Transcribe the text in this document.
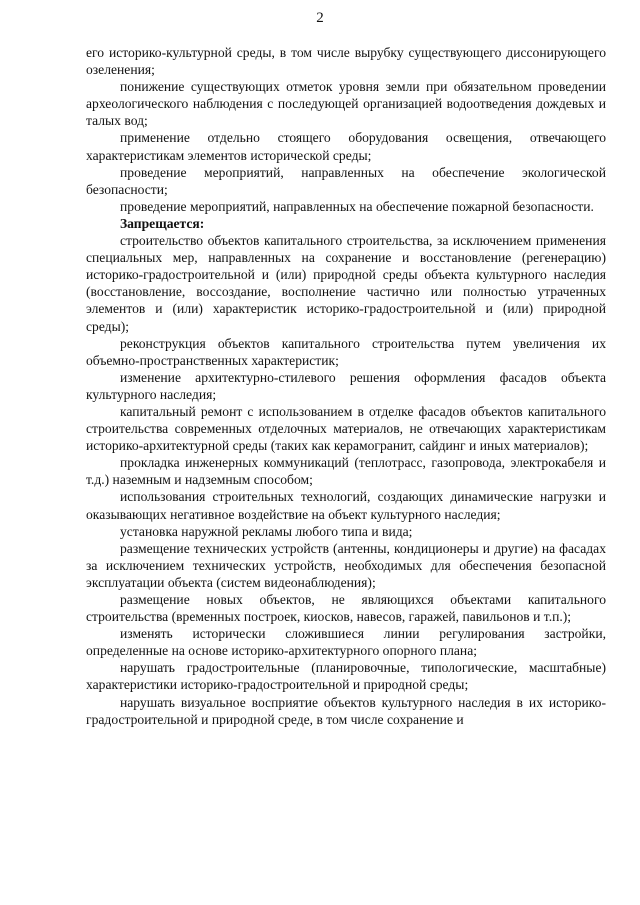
2

его историко-культурной среды, в том числе вырубку существующего диссонирующего озеленения;

понижение существующих отметок уровня земли при обязательном проведении археологического наблюдения с последующей организацией водоотведения дождевых и талых вод;

применение отдельно стоящего оборудования освещения, отвечающего характеристикам элементов исторической среды;

проведение мероприятий, направленных на обеспечение экологической безопасности;

проведение мероприятий, направленных на обеспечение пожарной безопасности.

Запрещается:

строительство объектов капитального строительства, за исключением применения специальных мер, направленных на сохранение и восстановление (регенерацию) историко-градостроительной и (или) природной среды объекта культурного наследия (восстановление, воссоздание, восполнение частично или полностью утраченных элементов и (или) характеристик историко-градостроительной и (или) природной среды);

реконструкция объектов капитального строительства путем увеличения их объемно-пространственных характеристик;

изменение архитектурно-стилевого решения оформления фасадов объекта культурного наследия;

капитальный ремонт с использованием в отделке фасадов объектов капитального строительства современных отделочных материалов, не отвечающих характеристикам историко-архитектурной среды (таких как керамогранит, сайдинг и иных материалов);

прокладка инженерных коммуникаций (теплотрасс, газопровода, электрокабеля и т.д.) наземным и надземным способом;

использования строительных технологий, создающих динамические нагрузки и оказывающих негативное воздействие на объект культурного наследия;

установка наружной рекламы любого типа и вида;

размещение технических устройств (антенны, кондиционеры и другие) на фасадах за исключением технических устройств, необходимых для обеспечения безопасной эксплуатации объекта (систем видеонаблюдения);

размещение новых объектов, не являющихся объектами капитального строительства (временных построек, киосков, навесов, гаражей, павильонов и т.п.);

изменять исторически сложившиеся линии регулирования застройки, определенные на основе историко-архитектурного опорного плана;

нарушать градостроительные (планировочные, типологические, масштабные) характеристики историко-градостроительной и природной среды;

нарушать визуальное восприятие объектов культурного наследия в их историко-градостроительной и природной среде, в том числе сохранение и
